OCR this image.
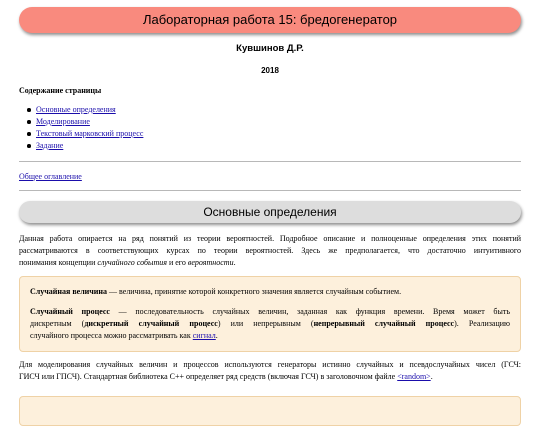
Лабораторная работа 15: бредогенератор
Кувшинов Д.Р.
2018
Содержание страницы
Основные определения
Моделирование
Текстовый марковский процесс
Задание
Общее оглавление
Основные определения
Данная работа опирается на ряд понятий из теории вероятностей. Подробное описание и полноценные определения этих понятий
рассматриваются в соответствующих курсах по теории вероятностей. Здесь же предполагается, что достаточно интуитивного
понимания концепции случайного события и его вероятности.
Случайная величина — величина, принятие которой конкретного значения является случайным событием.
Случайный процесс — последовательность случайных величин, заданная как функция времени. Время может быть
дискретным (дискретный случайный процесс) или непрерывным (непрерывный случайный процесс). Реализацию
случайного процесса можно рассматривать как сигнал.
Для моделирования случайных величин и процессов используются генераторы истинно случайных и псевдослучайных чисел (ГСЧ:
ГИСЧ или ГПСЧ). Стандартная библиотека C++ определяет ряд средств (включая ГСЧ) в заголовочном файле <random>.
